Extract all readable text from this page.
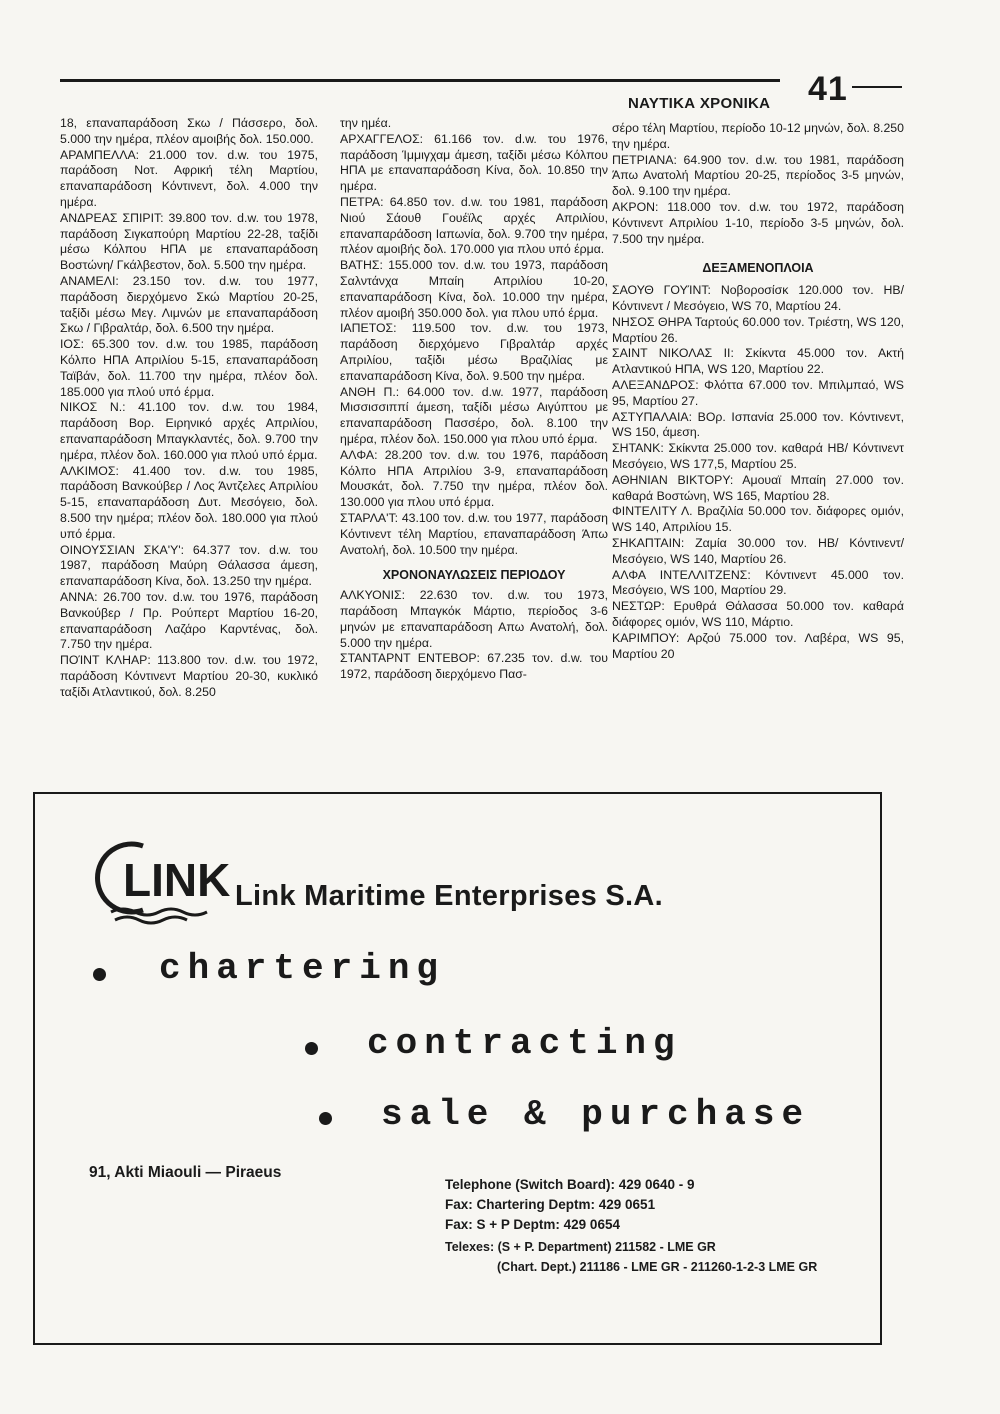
41
ΝΑΥΤΙΚΑ ΧΡΟΝΙΚΑ

18, επαναπαράδοση Σκω / Πάσσερο, δολ. 5.000 την ημέρα, πλέον αμοιβής δολ. 150.000.

ΑΡΑΜΠΕΛΛΑ: 21.000 τον. d.w. του 1975, παράδοση Νοτ. Αφρική τέλη Μαρτίου, επαναπαράδοση Κόντινεντ, δολ. 4.000 την ημέρα.

ΑΝΔΡΕΑΣ ΣΠΙΡΙΤ: 39.800 τον. d.w. του 1978, παράδοση Σιγκαπούρη Μαρτίου 22-28, ταξίδι μέσω Κόλπου ΗΠΑ με επαναπαράδοση Βοστώνη/ Γκάλβεστον, δολ. 5.500 την ημέρα.

ΑΝΑΜΕΛΙ: 23.150 τον. d.w. του 1977, παράδοση διερχόμενο Σκώ Μαρτίου 20-25, ταξίδι μέσω Μεγ. Λιμνών με επαναπαράδοση Σκω / Γιβραλτάρ, δολ. 6.500 την ημέρα.

ΙΟΣ: 65.300 τον. d.w. του 1985, παράδοση Κόλπο ΗΠΑ Απριλίου 5-15, επαναπαράδοση Ταϊβάν, δολ. 11.700 την ημέρα, πλέον δολ. 185.000 για πλού υπό έρμα.

ΝΙΚΟΣ Ν.: 41.100 τον. d.w. του 1984, παράδοση Βορ. Ειρηνικό αρχές Απριλίου, επαναπαράδοση Μπαγκλαντές, δολ. 9.700 την ημέρα, πλέον δολ. 160.000 για πλού υπό έρμα.

ΑΛΚΙΜΟΣ: 41.400 τον. d.w. του 1985, παράδοση Βανκούβερ / Λος Άντζελες Απριλίου 5-15, επαναπαράδοση Δυτ. Μεσόγειο, δολ. 8.500 την ημέρα; πλέον δολ. 180.000 για πλού υπό έρμα.

ΟΙΝΟΥΣΣΙΑΝ ΣΚΑ'Υ': 64.377 τον. d.w. του 1987, παράδοση Μαύρη Θάλασσα άμεση, επαναπαράδοση Κίνα, δολ. 13.250 την ημέρα.

ΑΝΝΑ: 26.700 τον. d.w. του 1976, παράδοση Βανκούβερ / Πρ. Ρούπερτ Μαρτίου 16-20, επαναπαράδοση Λαζάρο Καρντένας, δολ. 7.750 την ημέρα.

ΠΟΊΝΤ ΚΛΗΑΡ: 113.800 τον. d.w. του 1972, παράδοση Κόντινεντ Μαρτίου 20-30, κυκλικό ταξίδι Ατλαντικού, δολ. 8.250

την ημέα.

ΑΡΧΑΓΓΕΛΟΣ: 61.166 τον. d.w. του 1976, παράδοση Ίμμιγχαμ άμεση, ταξίδι μέσω Κόλπου ΗΠΑ με επαναπαράδοση Κίνα, δολ. 10.850 την ημέρα.

ΠΕΤΡΑ: 64.850 τον. d.w. του 1981, παράδοση Νιού Σάουθ Γουέϊλς αρχές Απριλίου, επαναπαράδοση Ιαπωνία, δολ. 9.700 την ημέρα, πλέον αμοιβής δολ. 170.000 για πλου υπό έρμα.

ΒΑΤΗΣ: 155.000 τον. d.w. του 1973, παράδοση Σαλντάνχα Μπαίη Απριλίου 10-20, επαναπαράδοση Κίνα, δολ. 10.000 την ημέρα, πλέον αμοιβή 350.000 δολ. για πλου υπό έρμα.

ΙΑΠΕΤΟΣ: 119.500 τον. d.w. του 1973, παράδοση διερχόμενο Γιβραλτάρ αρχές Απριλίου, ταξίδι μέσω Βραζιλίας με επαναπαράδοση Κίνα, δολ. 9.500 την ημέρα.

ΑΝΘΗ Π.: 64.000 τον. d.w. 1977, παράδοση Μισσισσιππί άμεση, ταξίδι μέσω Αιγύπτου με επαναπαράδοση Πασσέρο, δολ. 8.100 την ημέρα, πλέον δολ. 150.000 για πλου υπό έρμα.

ΑΛΦΑ: 28.200 τον. d.w. του 1976, παράδοση Κόλπο ΗΠΑ Απριλίου 3-9, επαναπαράδοση Μουσκάτ, δολ. 7.750 την ημέρα, πλέον δολ. 130.000 για πλου υπό έρμα.

ΣΤΑΡΛΑ'Τ: 43.100 τον. d.w. του 1977, παράδοση Κόντινεντ τέλη Μαρτίου, επαναπαράδοση Άπω Ανατολή, δολ. 10.500 την ημέρα.

ΧΡΟΝΟΝΑΥΛΩΣΕΙΣ ΠΕΡΙΟΔΟΥ

ΑΛΚΥΟΝΙΣ: 22.630 τον. d.w. του 1973, παράδοση Μπαγκόκ Μάρτιο, περίοδος 3-6 μηνών με επαναπαράδοση Απω Ανατολή, δολ. 5.000 την ημέρα.

ΣΤΑΝΤΑΡΝΤ ΕΝΤΕΒΟΡ: 67.235 τον. d.w. του 1972, παράδοση διερχόμενο Πασ-

σέρο τέλη Μαρτίου, περίοδο 10-12 μηνών, δολ. 8.250 την ημέρα.

ΠΕΤΡΙΑΝΑ: 64.900 τον. d.w. του 1981, παράδοση Άπω Ανατολή Μαρτίου 20-25, περίοδος 3-5 μηνών, δολ. 9.100 την ημέρα.

ΑΚΡΟΝ: 118.000 τον. d.w. του 1972, παράδοση Κόντινεντ Απριλίου 1-10, περίοδο 3-5 μηνών, δολ. 7.500 την ημέρα.

ΔΕΞΑΜΕΝΟΠΛΟΙΑ

ΣΑΟΥΘ ΓΟΥΊΝΤ: Νοβοροσίσκ 120.000 τον. ΗΒ/ Κόντινεντ / Μεσόγειο, WS 70, Μαρτίου 24.

ΝΗΣΟΣ ΘΗΡΑ Ταρτούς 60.000 τον. Τριέστη, WS 120, Μαρτίου 26.

ΣΑΙΝΤ ΝΙΚΟΛΑΣ ΙΙ: Σκίκντα 45.000 τον. Ακτή Ατλαντικού ΗΠΑ, WS 120, Μαρτίου 22.

ΑΛΕΞΑΝΔΡΟΣ: Φλόττα 67.000 τον. Μπιλμπαό, WS 95, Μαρτίου 27.

ΑΣΤΥΠΑΛΑΙΑ: ΒΟρ. Ισπανία 25.000 τον. Κόντινεντ, WS 150, άμεση.

ΣΗΤΑΝΚ: Σκίκντα 25.000 τον. καθαρά ΗΒ/ Κόντινεντ Μεσόγειο, WS 177,5, Μαρτίου 25.

ΑΘΗΝΙΑΝ ΒΙΚΤΟΡΥ: Αμουαϊ Μπαίη 27.000 τον. καθαρά Βοστώνη, WS 165, Μαρτίου 28.

ΦΙΝΤΕΛΙΤΥ Λ. Βραζιλία 50.000 τον. διάφορες ομιόν, WS 140, Απριλίου 15.

ΣΗΚΑΠΤΑΙΝ: Ζαμία 30.000 τον. ΗΒ/ Κόντινεντ/ Μεσόγειο, WS 140, Μαρτίου 26.

ΑΛΦΑ ΙΝΤΕΛΛΙΤΖΕΝΣ: Κόντινεντ 45.000 τον. Μεσόγειο, WS 100, Μαρτίου 29.

ΝΕΣΤΩΡ: Ερυθρά Θάλασσα 50.000 τον. καθαρά διάφορες ομιόν, WS 110, Μάρτιο.

ΚΑΡΙΜΠΟΥ: Αρζού 75.000 τον. Λαβέρα, WS 95, Μαρτίου 20

LINK Link Maritime Enterprises S.A.
chartering
contracting
sale & purchase
91, Akti Miaouli — Piraeus
Telephone (Switch Board): 429 0640 - 9
Fax: Chartering Deptm: 429 0651
Fax: S + P Deptm: 429 0654
Telexes: (S + P. Department) 211582 - LME GR
(Chart. Dept.) 211186 - LME GR - 211260-1-2-3 LME GR
